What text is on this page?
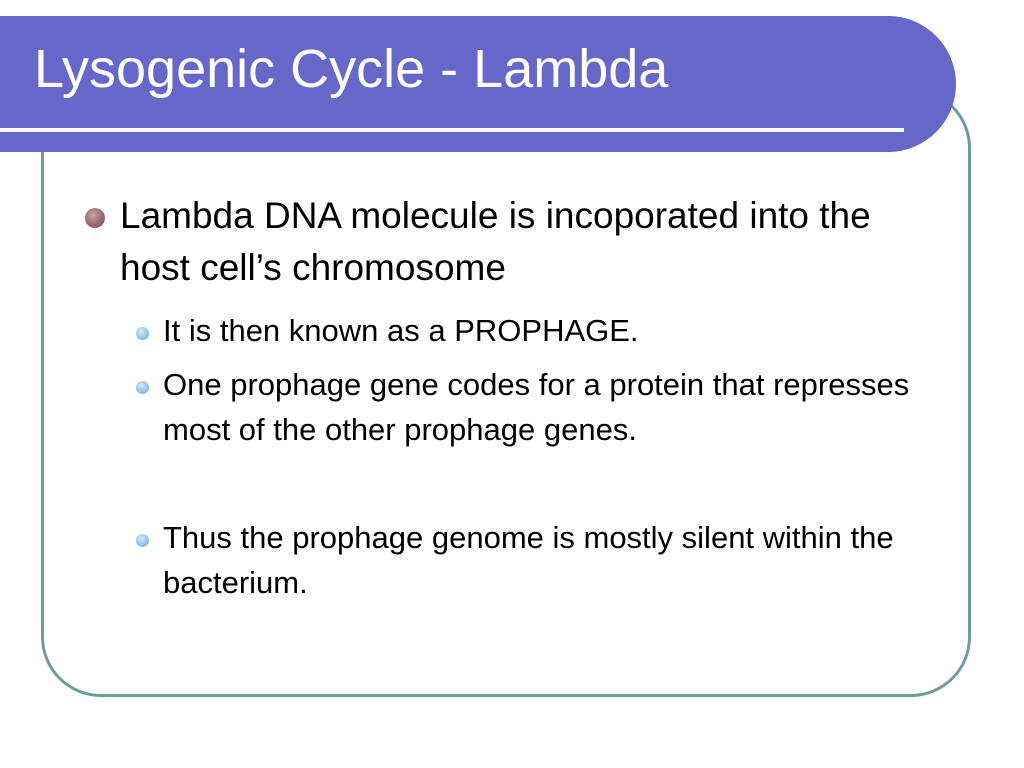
Lysogenic Cycle - Lambda
Lambda DNA molecule is incoporated into the host cell’s chromosome
It is then known as a PROPHAGE.
One prophage gene codes for a protein that represses most of the other prophage genes.
Thus the prophage genome is mostly silent within the bacterium.
